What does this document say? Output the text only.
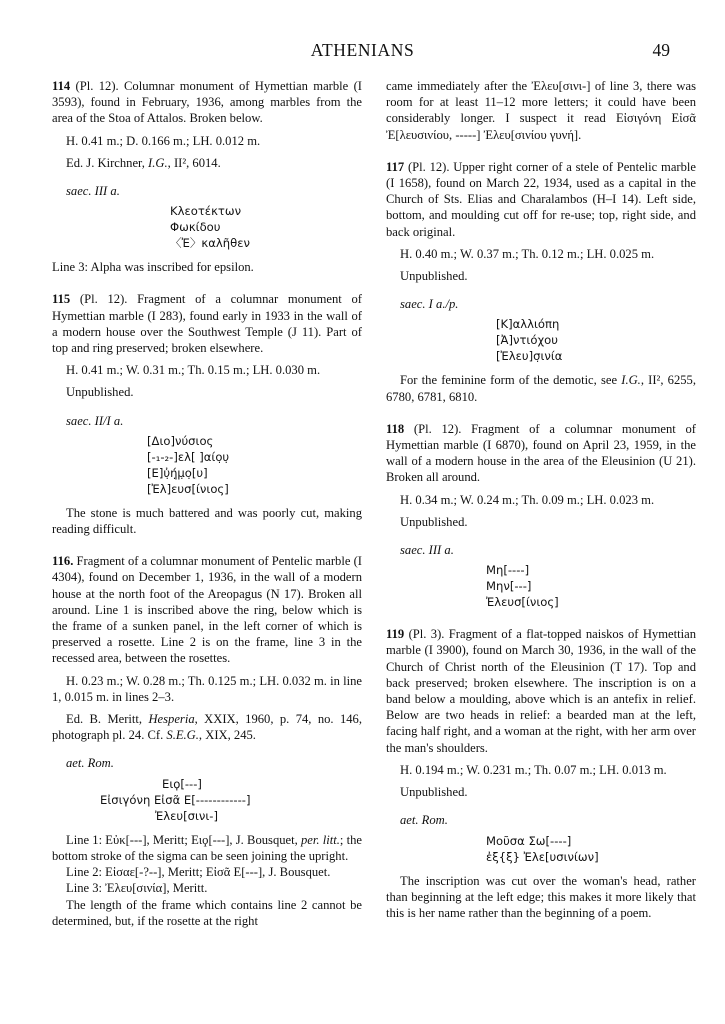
ATHENIANS	49

114 (Pl. 12). Columnar monument of Hymettian marble (I 3593), found in February, 1936, among marbles from the area of the Stoa of Attalos. Broken below.

H. 0.41 m.; D. 0.166 m.; LH. 0.012 m.

Ed. J. Kirchner, I.G., II², 6014.

saec. III a.
Κλεοτέκτων
Φωκίδου
〈Ἐ〉καλῆθεν

Line 3: Alpha was inscribed for epsilon.

115 (Pl. 12). Fragment of a columnar monument of Hymettian marble (I 283), found early in 1933 in the wall of a modern house over the Southwest Temple (J 11). Part of top and ring preserved; broken elsewhere.

H. 0.41 m.; W. 0.31 m.; Th. 0.15 m.; LH. 0.030 m.

Unpublished.

saec. II/I a.
[Διο]νύσιος
[-₁-₂-]ελ[ ]αίο̣υ̣
[Ε]ὐ̣ή̣μ̣ο̣[υ]
[Ἐλ]ευσ[ίνιος]

The stone is much battered and was poorly cut, making reading difficult.

116. Fragment of a columnar monument of Pentelic marble (I 4304), found on December 1, 1936, in the wall of a modern house at the north foot of the Areopagus (N 17). Broken all around. Line 1 is inscribed above the ring, below which is the frame of a sunken panel, in the left corner of which is preserved a rosette. Line 2 is on the frame, line 3 in the recessed area, between the rosettes.

H. 0.23 m.; W. 0.28 m.; Th. 0.125 m.; LH. 0.032 m. in line 1, 0.015 m. in lines 2–3.

Ed. B. Meritt, Hesperia, XXIX, 1960, p. 74, no. 146, photograph pl. 24. Cf. S.E.G., XIX, 245.

aet. Rom.
Ειϙ[---]
Εἰσιγόνη Εἰσᾶ Ε[------------]
Ἐλευ[σινι-]

Line 1: Εὐκ[---], Meritt; Ειϙ[---], J. Bousquet, per. litt.; the bottom stroke of the sigma can be seen joining the upright.

Line 2: Εἰσαε[-?--], Meritt; Εἰσᾶ Ε[---], J. Bousquet.

Line 3: Ἐλευ[σινία], Meritt.

The length of the frame which contains line 2 cannot be determined, but, if the rosette at the right

came immediately after the Ἐλευ[σινι-] of line 3, there was room for at least 11–12 more letters; it could have been considerably longer. I suspect it read Εἰσιγόνη Εἰσᾶ Ἐ[λευσινίου, -----] Ἐλευ[σινίου γυνή].

117 (Pl. 12). Upper right corner of a stele of Pentelic marble (I 1658), found on March 22, 1934, used as a capital in the Church of Sts. Elias and Charalambos (H–I 14). Left side, bottom, and moulding cut off for re-use; top, right side, and back original.

H. 0.40 m.; W. 0.37 m.; Th. 0.12 m.; LH. 0.025 m.

Unpublished.

saec. I a./p.
[Κ]αλλιόπη
[Ἀ]ντιόχου
[Ἐλευ]σ̣ινία

For the feminine form of the demotic, see I.G., II², 6255, 6780, 6781, 6810.

118 (Pl. 12). Fragment of a columnar monument of Hymettian marble (I 6870), found on April 23, 1959, in the wall of a modern house in the area of the Eleusinion (U 21). Broken all around.

H. 0.34 m.; W. 0.24 m.; Th. 0.09 m.; LH. 0.023 m.

Unpublished.

saec. III a.
Μη[----]
Μην[---]
Ἐλευσ[ίνιος]

119 (Pl. 3). Fragment of a flat-topped naiskos of Hymettian marble (I 3900), found on March 30, 1936, in the wall of the Church of Christ north of the Eleusinion (T 17). Top and back preserved; broken elsewhere. The inscription is on a band below a moulding, above which is an antefix in relief. Below are two heads in relief: a bearded man at the left, facing half right, and a woman at the right, with her arm over the man's shoulders.

H. 0.194 m.; W. 0.231 m.; Th. 0.07 m.; LH. 0.013 m.

Unpublished.

aet. Rom.
Μοῦσα Σω[----]
ἐξ{ξ} Ἐλε[υσινίων]

The inscription was cut over the woman's head, rather than beginning at the left edge; this makes it more likely that this is her name rather than the beginning of a poem.
